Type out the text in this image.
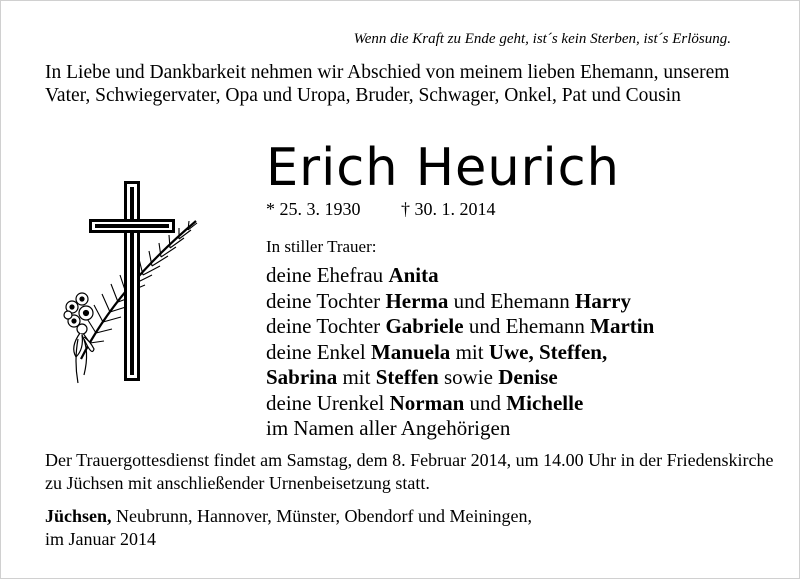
Wenn die Kraft zu Ende geht, ist´s kein Sterben, ist´s Erlösung.

In Liebe und Dankbarkeit nehmen wir Abschied von meinem lieben Ehemann, unserem Vater, Schwiegervater, Opa und Uropa, Bruder, Schwager, Onkel, Pat und Cousin

Erich Heurich
* 25. 3. 1930 † 30. 1. 2014
In stiller Trauer:
deine Ehefrau Anita
deine Tochter Herma und Ehemann Harry
deine Tochter Gabriele und Ehemann Martin
deine Enkel Manuela mit Uwe, Steffen,
Sabrina mit Steffen sowie Denise
deine Urenkel Norman und Michelle
im Namen aller Angehörigen

Der Trauergottesdienst findet am Samstag, dem 8. Februar 2014, um 14.00 Uhr in der Friedenskirche zu Jüchsen mit anschließender Urnenbeisetzung statt.

Jüchsen, Neubrunn, Hannover, Münster, Obendorf und Meiningen,
im Januar 2014
